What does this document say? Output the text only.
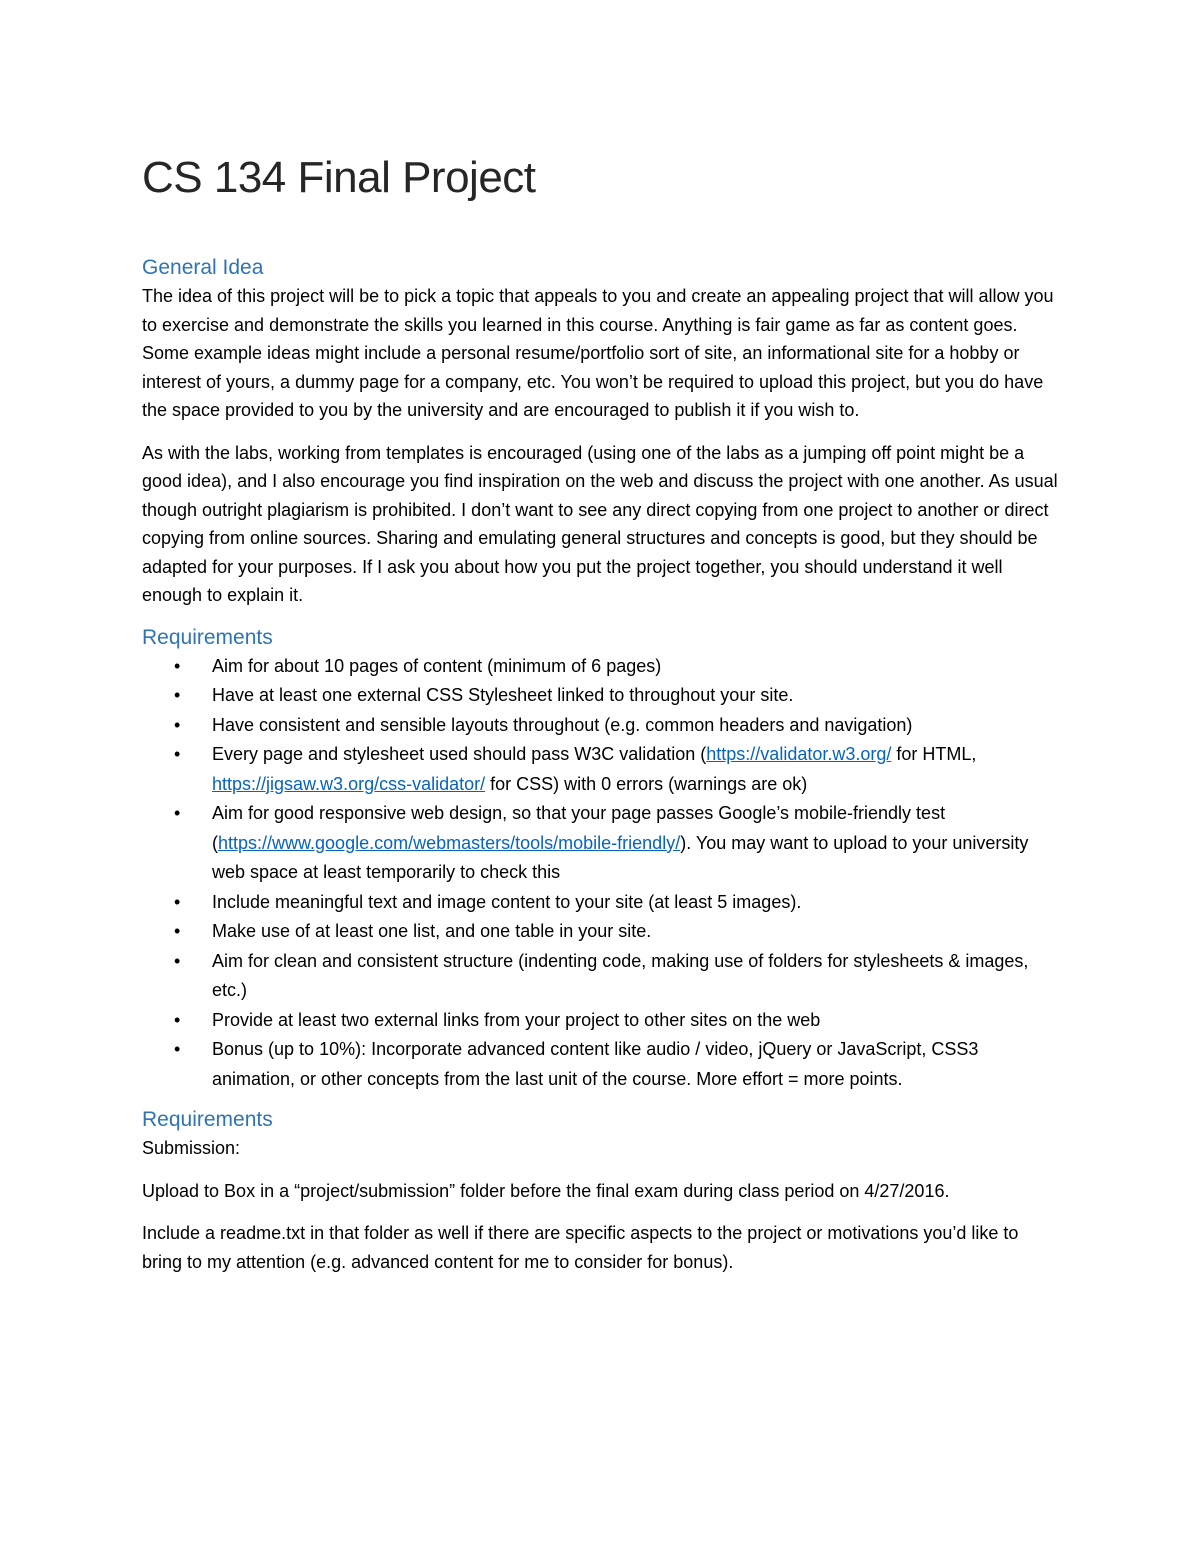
CS 134 Final Project
General Idea

The idea of this project will be to pick a topic that appeals to you and create an appealing project that will allow you to exercise and demonstrate the skills you learned in this course. Anything is fair game as far as content goes. Some example ideas might include a personal resume/portfolio sort of site, an informational site for a hobby or interest of yours, a dummy page for a company, etc. You won’t be required to upload this project, but you do have the space provided to you by the university and are encouraged to publish it if you wish to.

As with the labs, working from templates is encouraged (using one of the labs as a jumping off point might be a good idea), and I also encourage you find inspiration on the web and discuss the project with one another. As usual though outright plagiarism is prohibited. I don’t want to see any direct copying from one project to another or direct copying from online sources. Sharing and emulating general structures and concepts is good, but they should be adapted for your purposes. If I ask you about how you put the project together, you should understand it well enough to explain it.

Requirements
• Aim for about 10 pages of content (minimum of 6 pages)
• Have at least one external CSS Stylesheet linked to throughout your site.
• Have consistent and sensible layouts throughout (e.g. common headers and navigation)
• Every page and stylesheet used should pass W3C validation (https://validator.w3.org/ for HTML, https://jigsaw.w3.org/css-validator/ for CSS) with 0 errors (warnings are ok)
• Aim for good responsive web design, so that your page passes Google’s mobile-friendly test (https://www.google.com/webmasters/tools/mobile-friendly/). You may want to upload to your university web space at least temporarily to check this
• Include meaningful text and image content to your site (at least 5 images).
• Make use of at least one list, and one table in your site.
• Aim for clean and consistent structure (indenting code, making use of folders for stylesheets & images, etc.)
• Provide at least two external links from your project to other sites on the web
• Bonus (up to 10%): Incorporate advanced content like audio / video, jQuery or JavaScript, CSS3 animation, or other concepts from the last unit of the course. More effort = more points.
Requirements

Submission:

Upload to Box in a “project/submission” folder before the final exam during class period on 4/27/2016.

Include a readme.txt in that folder as well if there are specific aspects to the project or motivations you’d like to bring to my attention (e.g. advanced content for me to consider for bonus).
